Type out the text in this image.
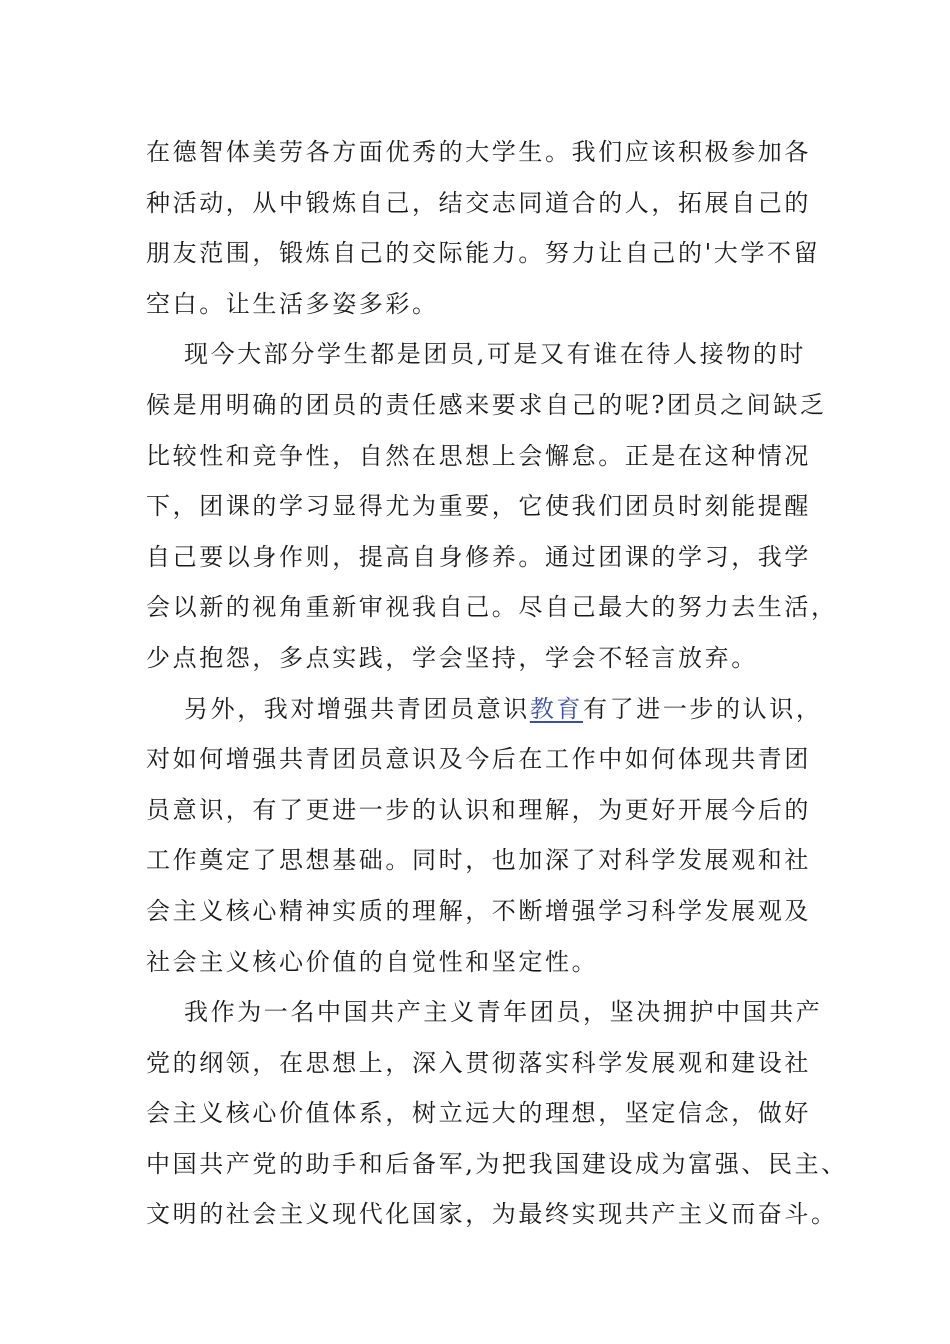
在德智体美劳各方面优秀的大学生。我们应该积极参加各
种活动，从中锻炼自己，结交志同道合的人，拓展自己的
朋友范围，锻炼自己的交际能力。努力让自己的'大学不留
空白。让生活多姿多彩。
现今大部分学生都是团员,可是又有谁在待人接物的时
候是用明确的团员的责任感来要求自己的呢?团员之间缺乏
比较性和竞争性，自然在思想上会懈怠。正是在这种情况
下，团课的学习显得尤为重要，它使我们团员时刻能提醒
自己要以身作则，提高自身修养。通过团课的学习，我学
会以新的视角重新审视我自己。尽自己最大的努力去生活，
少点抱怨，多点实践，学会坚持，学会不轻言放弃。
另外，我对增强共青团员意识教育有了进一步的认识，
对如何增强共青团员意识及今后在工作中如何体现共青团
员意识，有了更进一步的认识和理解，为更好开展今后的
工作奠定了思想基础。同时，也加深了对科学发展观和社
会主义核心精神实质的理解，不断增强学习科学发展观及
社会主义核心价值的自觉性和坚定性。
我作为一名中国共产主义青年团员，坚决拥护中国共产
党的纲领，在思想上，深入贯彻落实科学发展观和建设社
会主义核心价值体系，树立远大的理想，坚定信念，做好
中国共产党的助手和后备军,为把我国建设成为富强、民主、
文明的社会主义现代化国家，为最终实现共产主义而奋斗。
